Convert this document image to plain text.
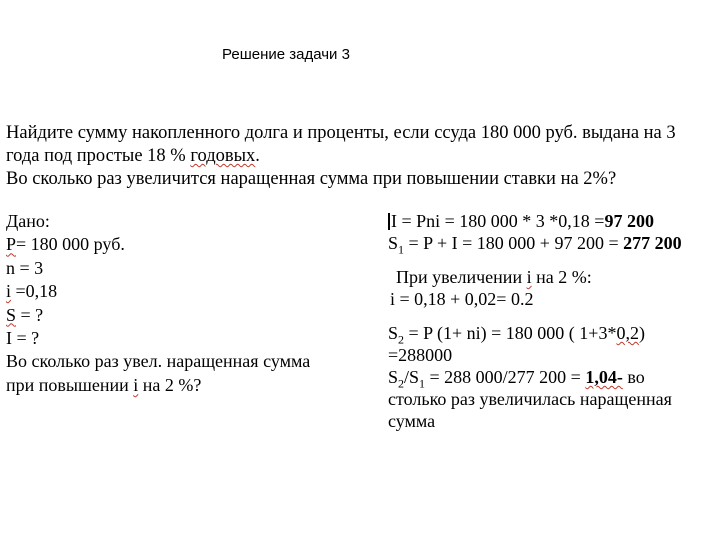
Решение задачи 3
Найдите сумму накопленного долга и проценты, если ссуда 180 000 руб. выдана на 3
года под простые 18 % годовых.
Во сколько раз увеличится наращенная сумма при повышении ставки на 2%?
Дано:
Р= 180 000 руб.
n = 3
i =0,18
S = ?
I = ?
Во сколько раз увел. наращенная сумма
при повышении i на 2 %?
I = Pni = 180 000 * 3 *0,18 =97 200
$S_1 = P + I = 180$ 000 + 97 200 = 277 200
При увеличении i на 2 %:
i = 0,18 + 0,02= 0.2
$S_2 = P$ (1+ ni) = 180 000 ( 1+3*0,2)
=288000
$S_2/S_1 = 288$ 000/277 200 = 1,04- во
столько раз увеличилась наращенная
сумма
